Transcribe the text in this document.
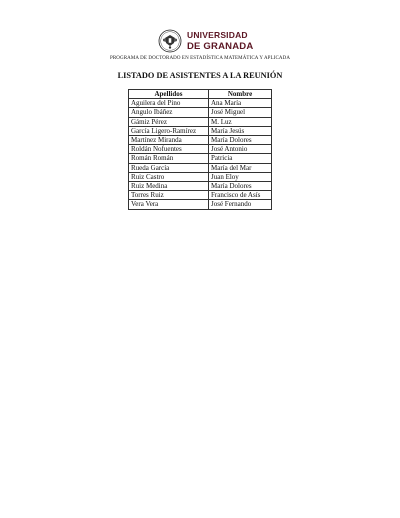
UNIVERSIDAD
DE GRANADA
PROGRAMA DE DOCTORADO EN ESTADÍSTICA MATEMÁTICA Y APLICADA
LISTADO DE ASISTENTES A LA REUNIÓN
Apellidos	Nombre
Aguilera del Pino	Ana María
Angulo Ibáñez	José Miguel
Gámiz Pérez	M. Luz
García Ligero-Ramírez	María Jesús
Martínez Miranda	María Dolores
Roldán Nofuentes	José Antonio
Román Román	Patricia
Rueda García	María del Mar
Ruiz Castro	Juan Eloy
Ruiz Medina	María Dolores
Torres Ruiz	Francisco de Asís
Vera Vera	José Fernando
